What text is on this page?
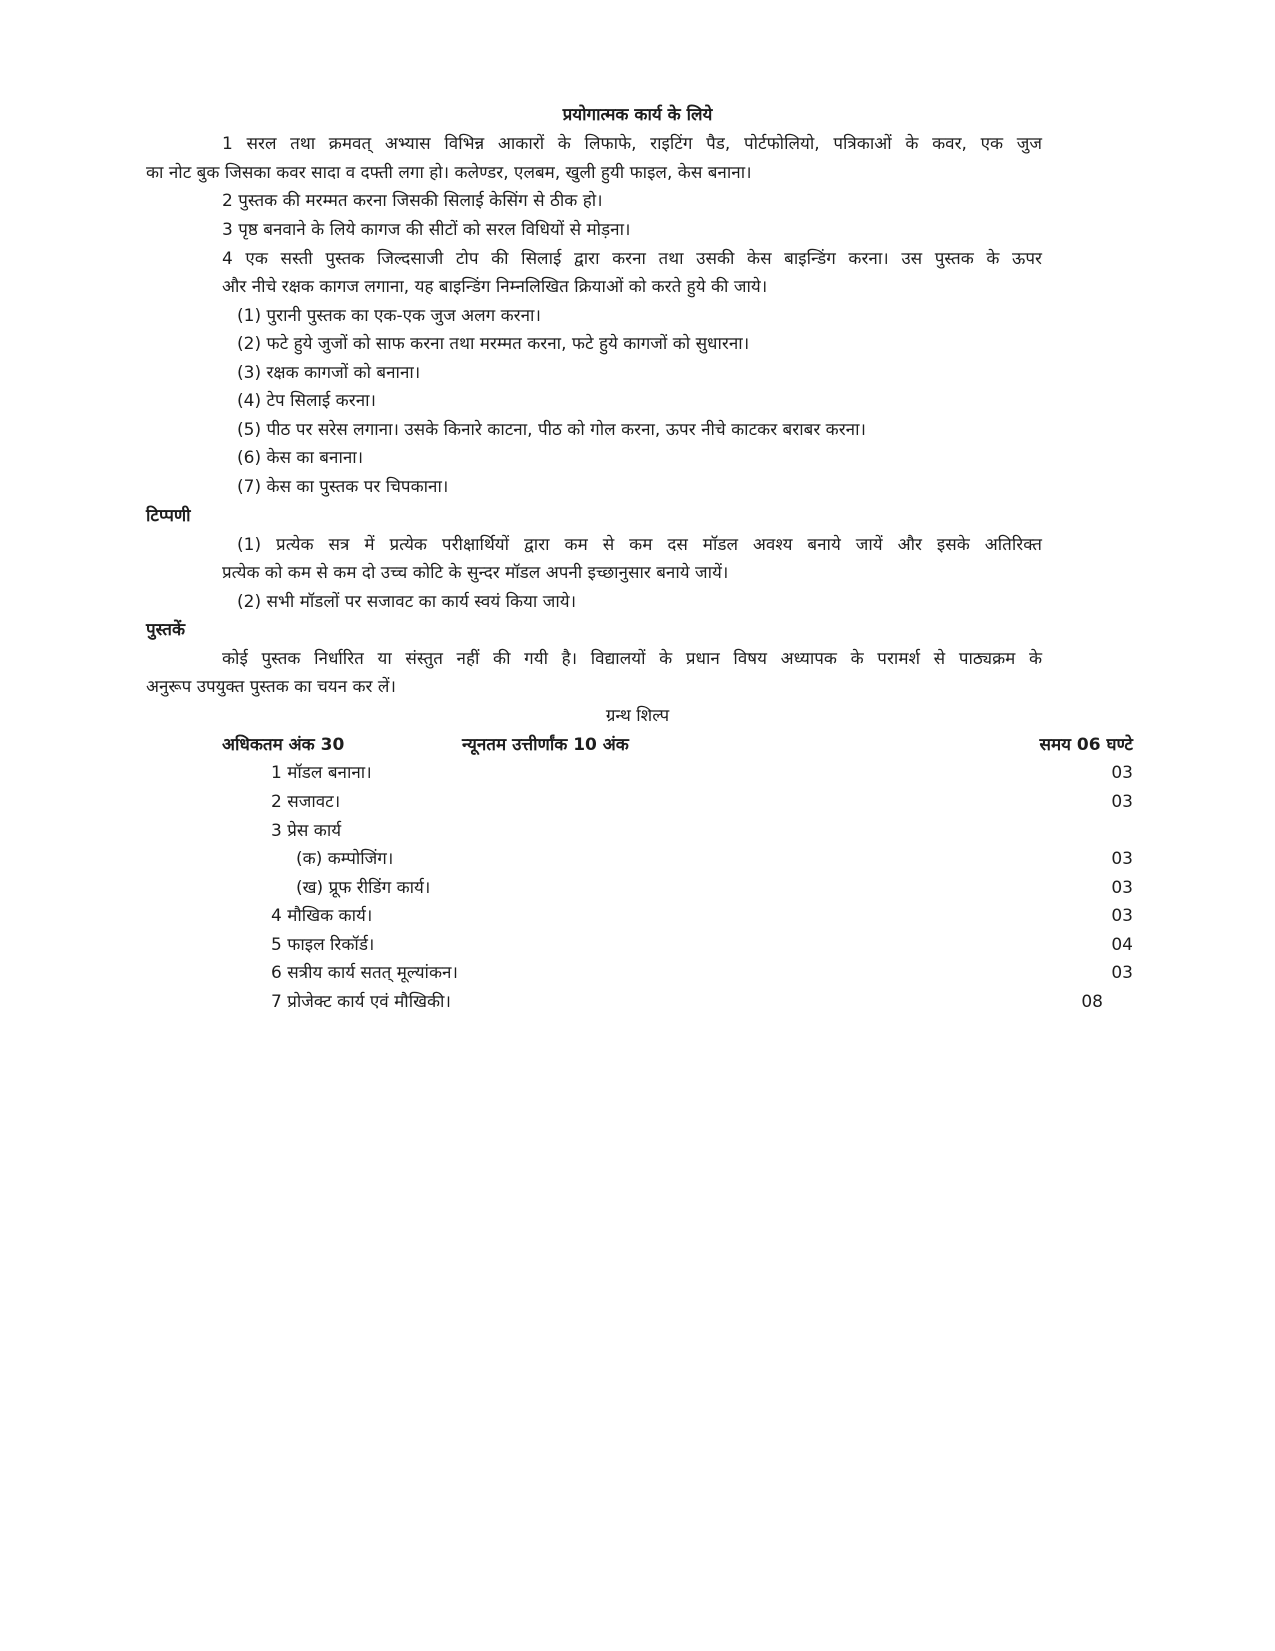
प्रयोगात्मक कार्य के लिये
1 सरल तथा क्रमवत् अभ्यास विभिन्न आकारों के लिफाफे, राइटिंग पैड, पोर्टफोलियो, पत्रिकाओं के कवर, एक जुज
का नोट बुक जिसका कवर सादा व दफ्ती लगा हो। कलेण्डर, एलबम, खुली हुयी फाइल, केस बनाना।
2 पुस्तक की मरम्मत करना जिसकी सिलाई केसिंग से ठीक हो।
3 पृष्ठ बनवाने के लिये कागज की सीटों को सरल विधियों से मोड़ना।
4 एक सस्ती पुस्तक जिल्दसाजी टोप की सिलाई द्वारा करना तथा उसकी केस बाइन्डिंग करना। उस पुस्तक के ऊपर
और नीचे रक्षक कागज लगाना, यह बाइन्डिंग निम्नलिखित क्रियाओं को करते हुये की जाये।
(1) पुरानी पुस्तक का एक-एक जुज अलग करना।
(2) फटे हुये जुजों को साफ करना तथा मरम्मत करना, फटे हुये कागजों को सुधारना।
(3) रक्षक कागजों को बनाना।
(4) टेप सिलाई करना।
(5) पीठ पर सरेस लगाना। उसके किनारे काटना, पीठ को गोल करना, ऊपर नीचे काटकर बराबर करना।
(6) केस का बनाना।
(7) केस का पुस्तक पर चिपकाना।
टिप्पणी
(1) प्रत्येक सत्र में प्रत्येक परीक्षार्थियों द्वारा कम से कम दस मॉडल अवश्य बनाये जायें और इसके अतिरिक्त
प्रत्येक को कम से कम दो उच्च कोटि के सुन्दर मॉडल अपनी इच्छानुसार बनाये जायें।
(2) सभी मॉडलों पर सजावट का कार्य स्वयं किया जाये।
पुस्तकें
कोई पुस्तक निर्धारित या संस्तुत नहीं की गयी है। विद्यालयों के प्रधान विषय अध्यापक के परामर्श से पाठ्यक्रम के
अनुरूप उपयुक्त पुस्तक का चयन कर लें।
ग्रन्थ शिल्प
अधिकतम अंक 30	न्यूनतम उत्तीर्णांक 10 अंक	समय 06 घण्टे
1 मॉडल बनाना।	03
2 सजावट।	03
3 प्रेस कार्य
(क) कम्पोजिंग।	03
(ख) प्रूफ रीडिंग कार्य।	03
4 मौखिक कार्य।	03
5 फाइल रिकॉर्ड।	04
6 सत्रीय कार्य सतत् मूल्यांकन।	03
7 प्रोजेक्ट कार्य एवं मौखिकी।	08
